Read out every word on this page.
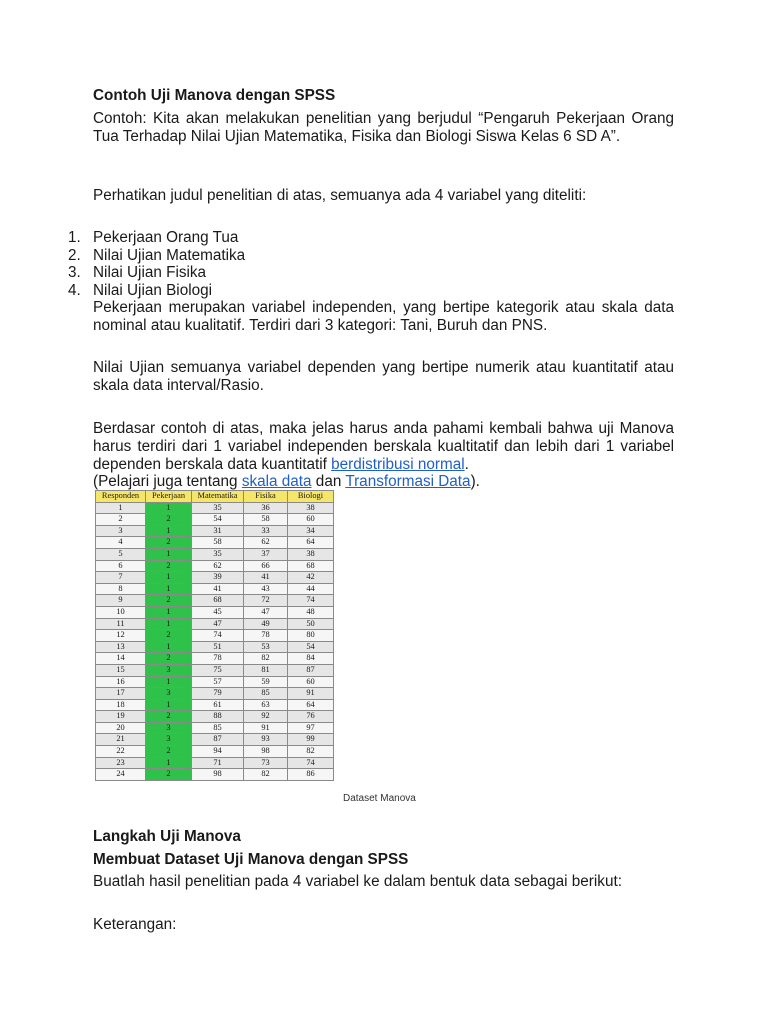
Contoh Uji Manova dengan SPSS
Contoh: Kita akan melakukan penelitian yang berjudul “Pengaruh Pekerjaan Orang Tua Terhadap Nilai Ujian Matematika, Fisika dan Biologi Siswa Kelas 6 SD A”.
Perhatikan judul penelitian di atas, semuanya ada 4 variabel yang diteliti:
1. Pekerjaan Orang Tua
2. Nilai Ujian Matematika
3. Nilai Ujian Fisika
4. Nilai Ujian Biologi
Pekerjaan merupakan variabel independen, yang bertipe kategorik atau skala data nominal atau kualitatif. Terdiri dari 3 kategori: Tani, Buruh dan PNS.
Nilai Ujian semuanya variabel dependen yang bertipe numerik atau kuantitatif atau skala data interval/Rasio.
Berdasar contoh di atas, maka jelas harus anda pahami kembali bahwa uji Manova harus terdiri dari 1 variabel independen berskala kualtitatif dan lebih dari 1 variabel dependen berskala data kuantitatif berdistribusi normal.
(Pelajari juga tentang skala data dan Transformasi Data).
Responden	Pekerjaan	Matematika	Fisika	Biologi
1	1	35	36	38
2	2	54	58	60
3	1	31	33	34
4	2	58	62	64
5	1	35	37	38
6	2	62	66	68
7	1	39	41	42
8	1	41	43	44
9	2	68	72	74
10	1	45	47	48
11	1	47	49	50
12	2	74	78	80
13	1	51	53	54
14	2	78	82	84
15	3	75	81	87
16	1	57	59	60
17	3	79	85	91
18	1	61	63	64
19	2	88	92	76
20	3	85	91	97
21	3	87	93	99
22	2	94	98	82
23	1	71	73	74
24	2	98	82	86
Dataset Manova
Langkah Uji Manova
Membuat Dataset Uji Manova dengan SPSS
Buatlah hasil penelitian pada 4 variabel ke dalam bentuk data sebagai berikut:
Keterangan:
